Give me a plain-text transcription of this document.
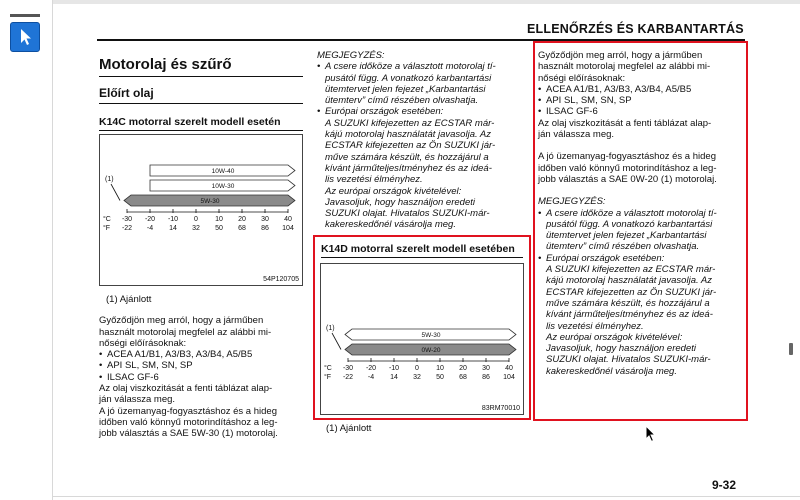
ELLENŐRZÉS ÉS KARBANTARTÁS
Motorolaj és szűrő
Előírt olaj
K14C motorral szerelt modell esetén
10W-40
10W-30
5W-30
(1)
°C
°F
-30 -20 -10 0 10 20 30 40
-22 -4 14 32 50 68 86 104
54P120705

(1) Ajánlott

Győződjön meg arról, hogy a járműben

használt motorolaj megfelel az alábbi mi-

nőségi előírásoknak:

• ACEA A1/B1, A3/B3, A3/B4, A5/B5
• API SL, SM, SN, SP
• ILSAC GF-6

Az olaj viszkozitását a fenti táblázat alap-

ján válassza meg.

A jó üzemanyag-fogyasztáshoz és a hideg

időben való könnyű motorindításhoz a leg-

jobb választás a SAE 5W-30 (1) motorolaj.

MEGJEGYZÉS:
• A csere időköze a választott motorolaj tí-

pusától függ. A vonatkozó karbantartási

ütemtervet jelen fejezet „Karbantartási

ütemterv” című részében olvashatja.

• Európai országok esetében:

A SUZUKI kifejezetten az ECSTAR már-

kájú motorolaj használatát javasolja. Az

ECSTAR kifejezetten az Ön SUZUKI jár-

műve számára készült, és hozzájárul a

kívánt járműteljesítményhez és az ideá-

lis vezetési élményhez.

Az európai országok kivételével:

Javasoljuk, hogy használjon eredeti

SUZUKI olajat. Hivatalos SUZUKI-már-

kakereskedőnél vásárolja meg.

K14D motorral szerelt modell esetében
5W-30
0W-20
(1)
°C
°F
-30 -20 -10 0 10 20 30 40
-22 -4 14 32 50 68 86 104
83RM70010

(1) Ajánlott

Győződjön meg arról, hogy a járműben

használt motorolaj megfelel az alábbi mi-

nőségi előírásoknak:

• ACEA A1/B1, A3/B3, A3/B4, A5/B5
• API SL, SM, SN, SP
• ILSAC GF-6

Az olaj viszkozitását a fenti táblázat alap-

ján válassza meg.

A jó üzemanyag-fogyasztáshoz és a hideg

időben való könnyű motorindításhoz a leg-

jobb választás a SAE 0W-20 (1) motorolaj.

MEGJEGYZÉS:
• A csere időköze a választott motorolaj tí-

pusától függ. A vonatkozó karbantartási

ütemtervet jelen fejezet „Karbantartási

ütemterv” című részében olvashatja.

• Európai országok esetében:

A SUZUKI kifejezetten az ECSTAR már-

kájú motorolaj használatát javasolja. Az

ECSTAR kifejezetten az Ön SUZUKI jár-

műve számára készült, és hozzájárul a

kívánt járműteljesítményhez és az ideá-

lis vezetési élményhez.

Az európai országok kivételével:

Javasoljuk, hogy használjon eredeti

SUZUKI olajat. Hivatalos SUZUKI-már-

kakereskedőnél vásárolja meg.

9-32
